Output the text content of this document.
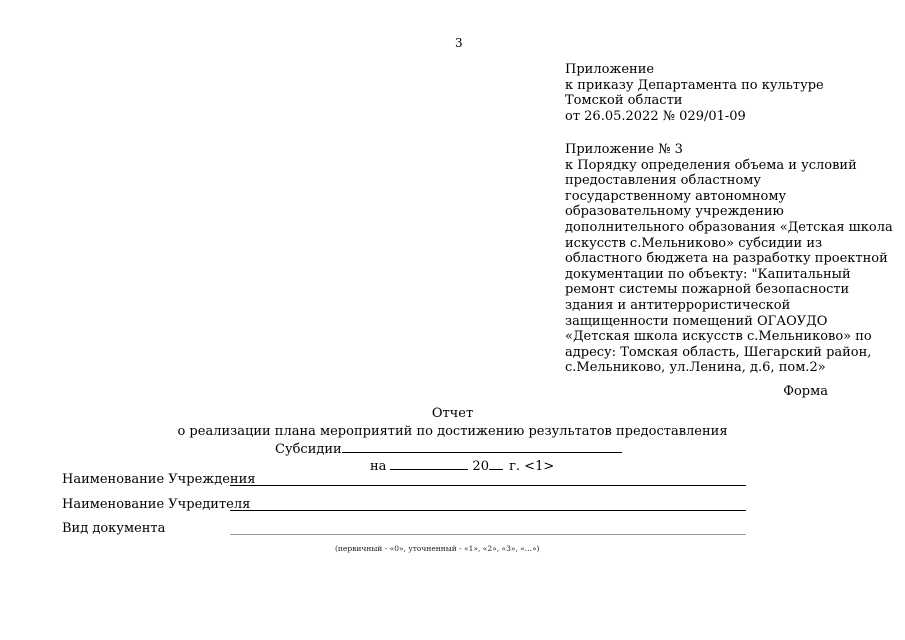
3
Приложение
к приказу Департамента по культуре
Томской области
от 26.05.2022 № 029/01-09
Приложение № 3
к Порядку определения объема и условий
предоставления областному
государственному автономному
образовательному учреждению
дополнительного образования «Детская школа
искусств с.Мельниково» субсидии из
областного бюджета на разработку проектной
документации по объекту: "Капитальный
ремонт системы пожарной безопасности
здания и антитеррористической
защищенности помещений ОГАОУДО
«Детская школа искусств с.Мельниково» по
адресу: Томская область, Шегарский район,
с.Мельниково, ул.Ленина, д.6, пом.2»
Форма
Отчет
о реализации плана мероприятий по достижению результатов предоставления
Субсидии
на	20 г. <1>
Наименование Учреждения
Наименование Учредителя
Вид документа
(первичный - «0», уточненный - «1», «2», «3», «...»)
